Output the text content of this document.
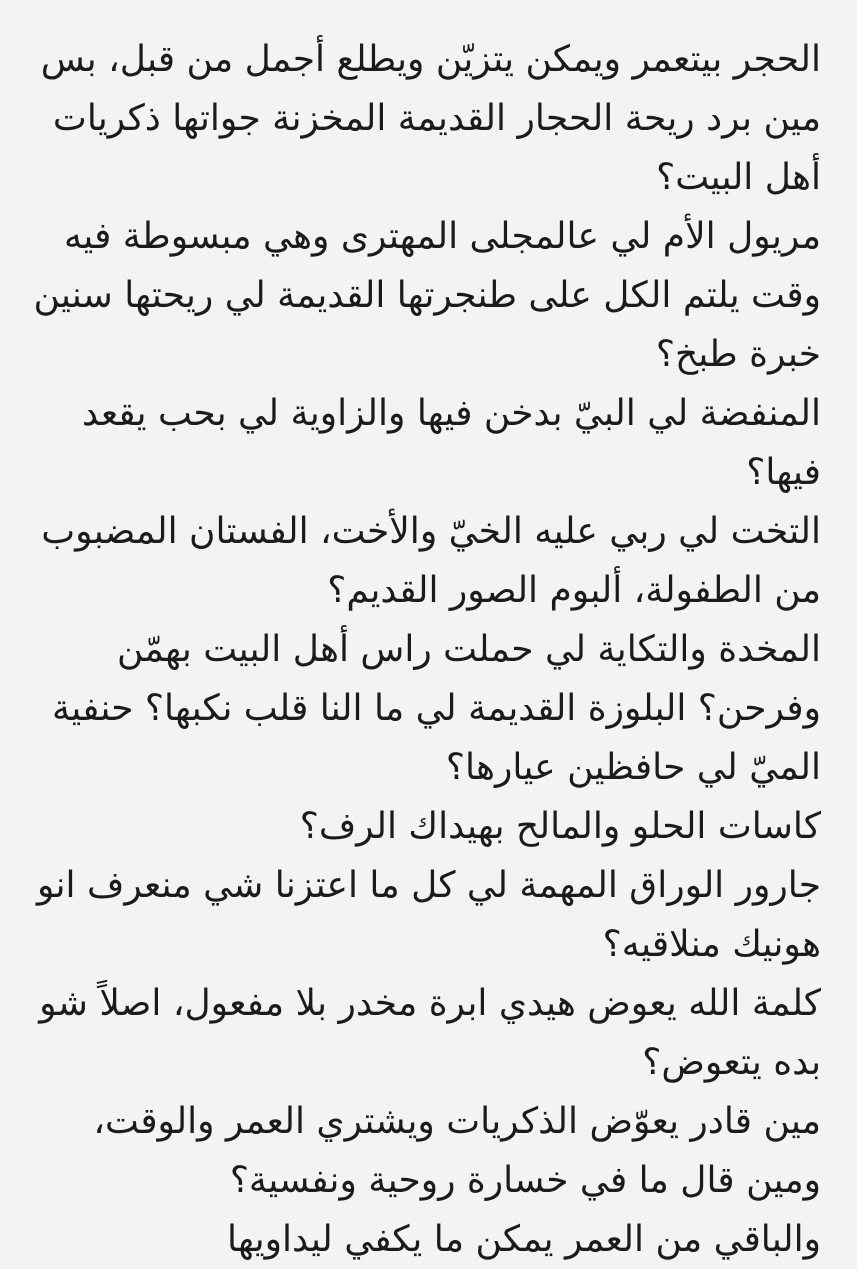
الحجر بيتعمر ويمكن يتزيّن ويطلع أجمل من قبل، بس
مين برد ريحة الحجار القديمة المخزنة جواتها ذكريات
أهل البيت؟
مريول الأم لي عالمجلى المهترى وهي مبسوطة فيه
وقت يلتم الكل على طنجرتها القديمة لي ريحتها سنين
خبرة طبخ؟
المنفضة لي البيّ بدخن فيها والزاوية لي بحب يقعد
فيها؟
التخت لي ربي عليه الخيّ والأخت، الفستان المضبوب
من الطفولة، ألبوم الصور القديم؟
المخدة والتكاية لي حملت راس أهل البيت بهمّن
وفرحن؟ البلوزة القديمة لي ما النا قلب نكبها؟ حنفية
الميّ لي حافظين عيارها؟
كاسات الحلو والمالح بهيداك الرف؟
جارور الوراق المهمة لي كل ما اعتزنا شي منعرف انو
هونيك منلاقيه؟
كلمة الله يعوض هيدي ابرة مخدر بلا مفعول، اصلاً شو
بده يتعوض؟
مين قادر يعوّض الذكريات ويشتري العمر والوقت،
ومين قال ما في خسارة روحية ونفسية؟
والباقي من العمر يمكن ما يكفي ليداويها
